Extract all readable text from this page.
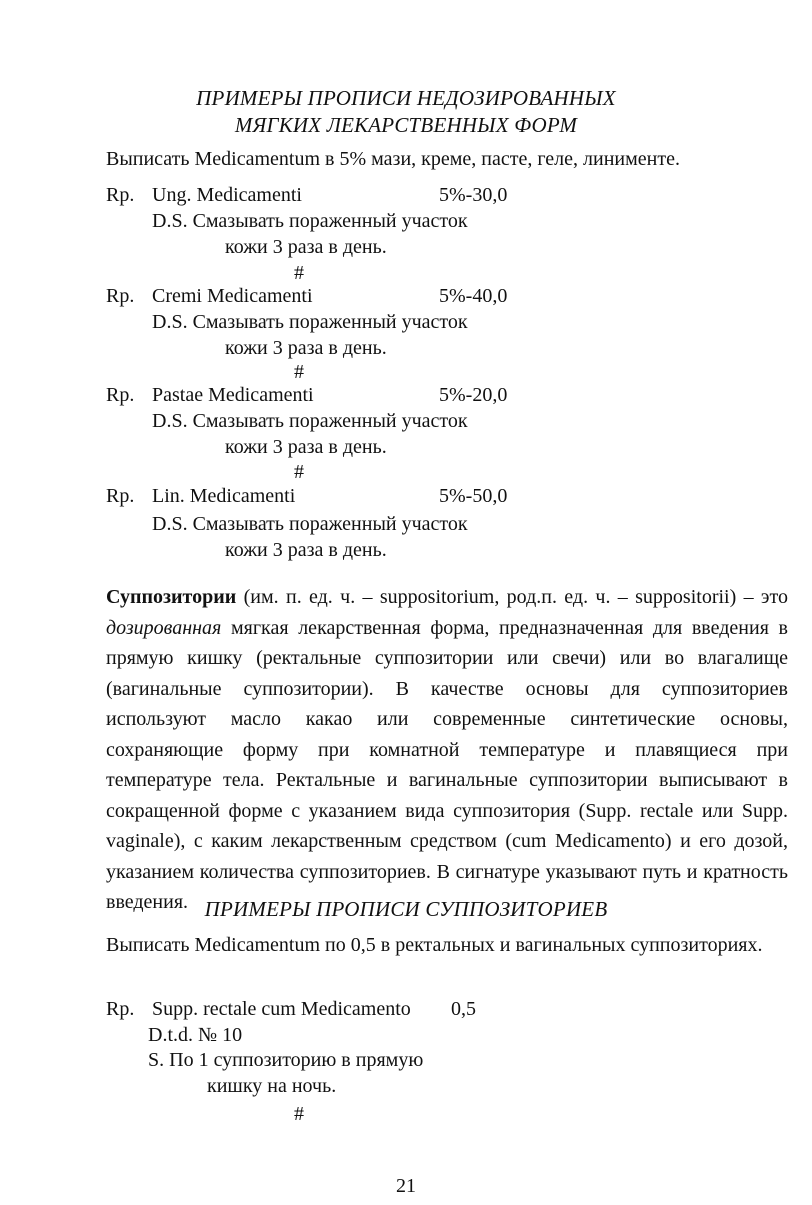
ПРИМЕРЫ ПРОПИСИ НЕДОЗИРОВАННЫХ
МЯГКИХ ЛЕКАРСТВЕННЫХ ФОРМ
Выписать Medicamentum в 5% мази, креме, пасте, геле, линименте.
Rp. Ung. Medicamenti	5%-30,0
D.S. Смазывать пораженный участок
кожи 3 раза в день.
#
Rp. Cremi Medicamenti	5%-40,0
D.S. Смазывать пораженный участок
кожи 3 раза в день.
#
Rp. Pastae Medicamenti	5%-20,0
D.S. Смазывать пораженный участок
кожи 3 раза в день.
#
Rp. Lin. Medicamenti	5%-50,0
D.S. Смазывать пораженный участок
кожи 3 раза в день.
Суппозитории (им. п. ед. ч. – suppositorium, род.п. ед. ч. – suppositorii) – это дозированная мягкая лекарственная форма, предназначенная для введения в прямую кишку (ректальные суппозитории или свечи) или во влагалище (вагинальные суппозитории). В качестве основы для суппозиториев используют масло какао или современные синтетические основы, сохраняющие форму при комнатной температуре и плавящиеся при температуре тела. Ректальные и вагинальные суппозитории выписывают в сокращенной форме с указанием вида суппозитория (Supp. rectale или Supp. vaginale), с каким лекарственным средством (cum Medicamento) и его дозой, указанием количества суппозиториев. В сигнатуре указывают путь и кратность введения. ПРИМЕРЫ ПРОПИСИ СУППОЗИТОРИЕВ
Выписать Medicamentum по 0,5 в ректальных и вагинальных суппозиториях.
Rp. Supp. rectale cum Medicamento 0,5
D.t.d. № 10
S. По 1 суппозиторию в прямую
кишку на ночь.
#
21
